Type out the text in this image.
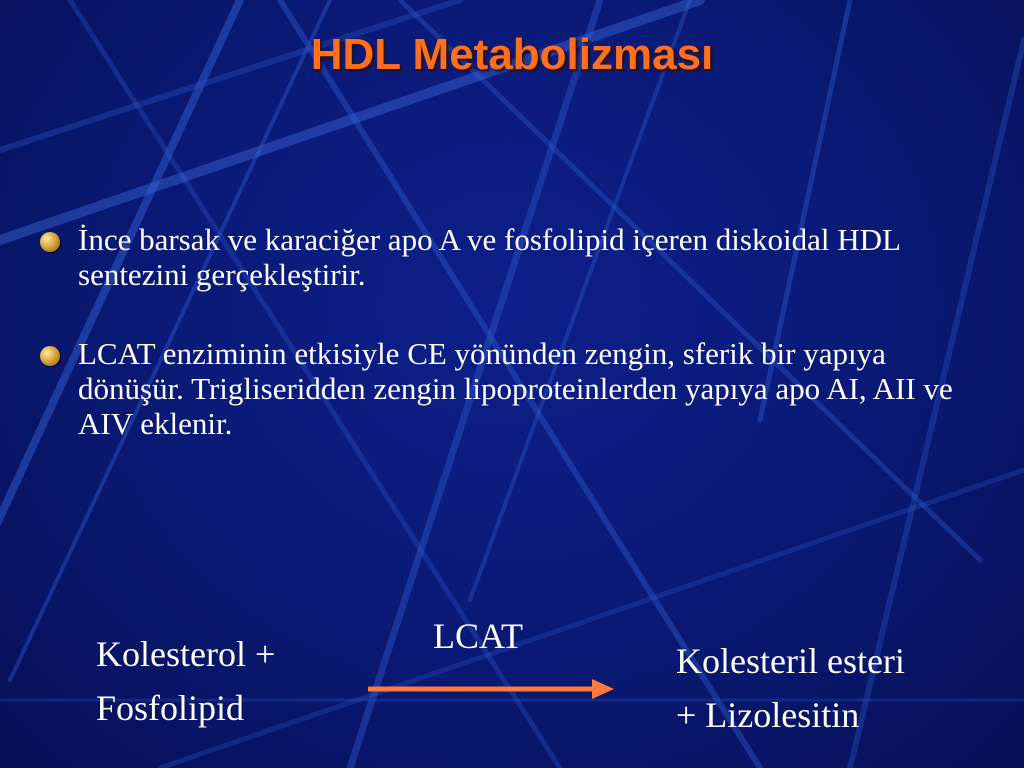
HDL Metabolizması
İnce barsak ve karaciğer apo A ve fosfolipid içeren diskoidal HDL sentezini gerçekleştirir.
LCAT enziminin etkisiyle CE yönünden zengin, sferik bir yapıya dönüşür. Trigliseridden zengin lipoproteinlerden yapıya apo AI, AII ve AIV eklenir.
Kolesterol +
Fosfolipid
LCAT
Kolesteril esteri
+ Lizolesitin
